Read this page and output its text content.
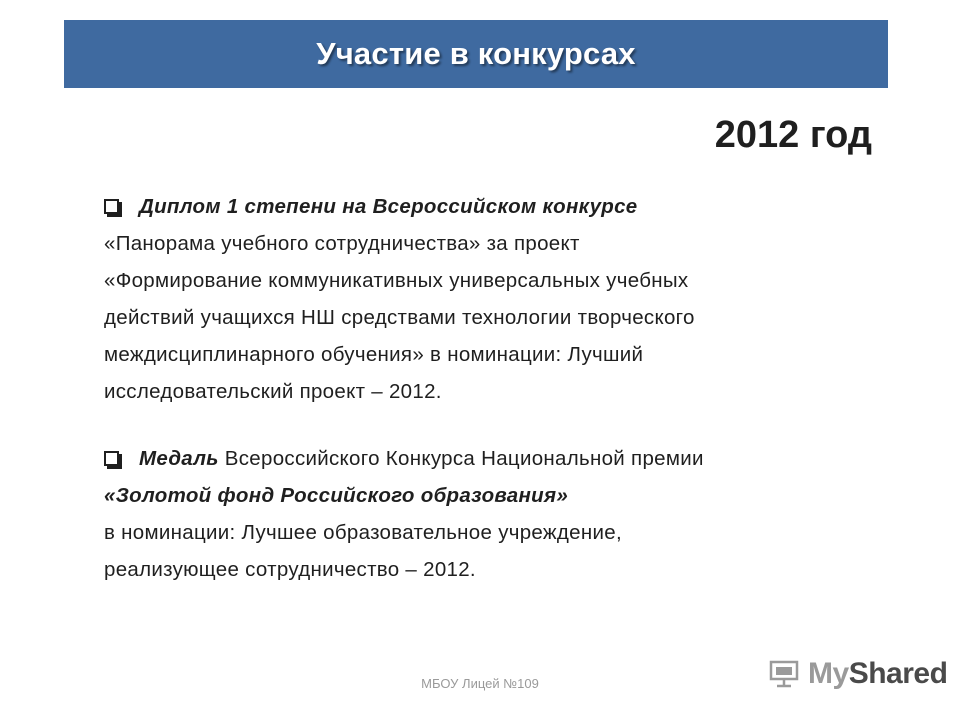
Участие в конкурсах
2012 год
Диплом 1 степени на Всероссийском конкурсе
«Панорама учебного сотрудничества» за проект
«Формирование коммуникативных универсальных учебных
действий учащихся НШ средствами технологии творческого
междисциплинарного обучения» в номинации: Лучший
исследовательский проект – 2012.
Медаль Всероссийского Конкурса Национальной премии
«Золотой фонд Российского образования»
в номинации: Лучшее образовательное учреждение,
реализующее сотрудничество – 2012.
МБОУ Лицей №109	MyShared
